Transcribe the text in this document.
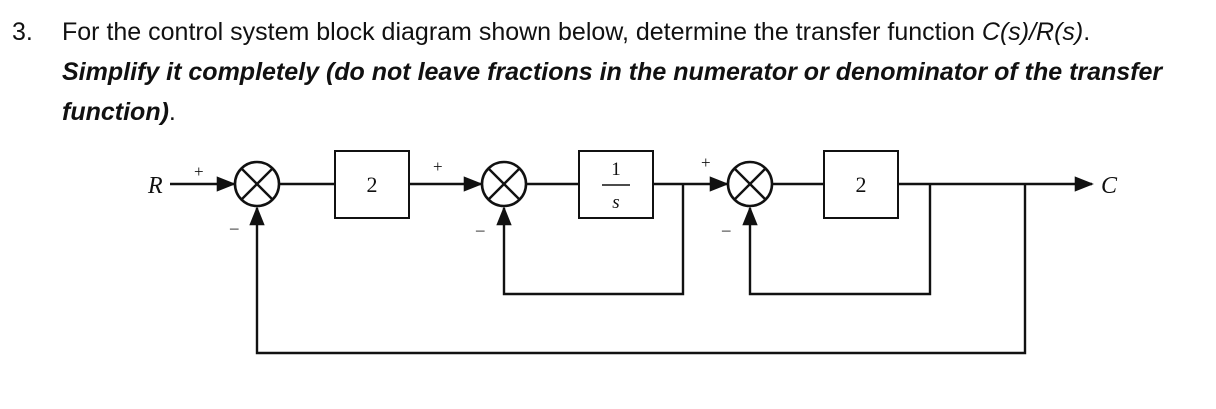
3. For the control system block diagram shown below, determine the transfer function C(s)/R(s).
Simplify it completely (do not leave fractions in the numerator or denominator of the transfer
function).
R
+
–
2
+
–
1
s
+
–
2	C
